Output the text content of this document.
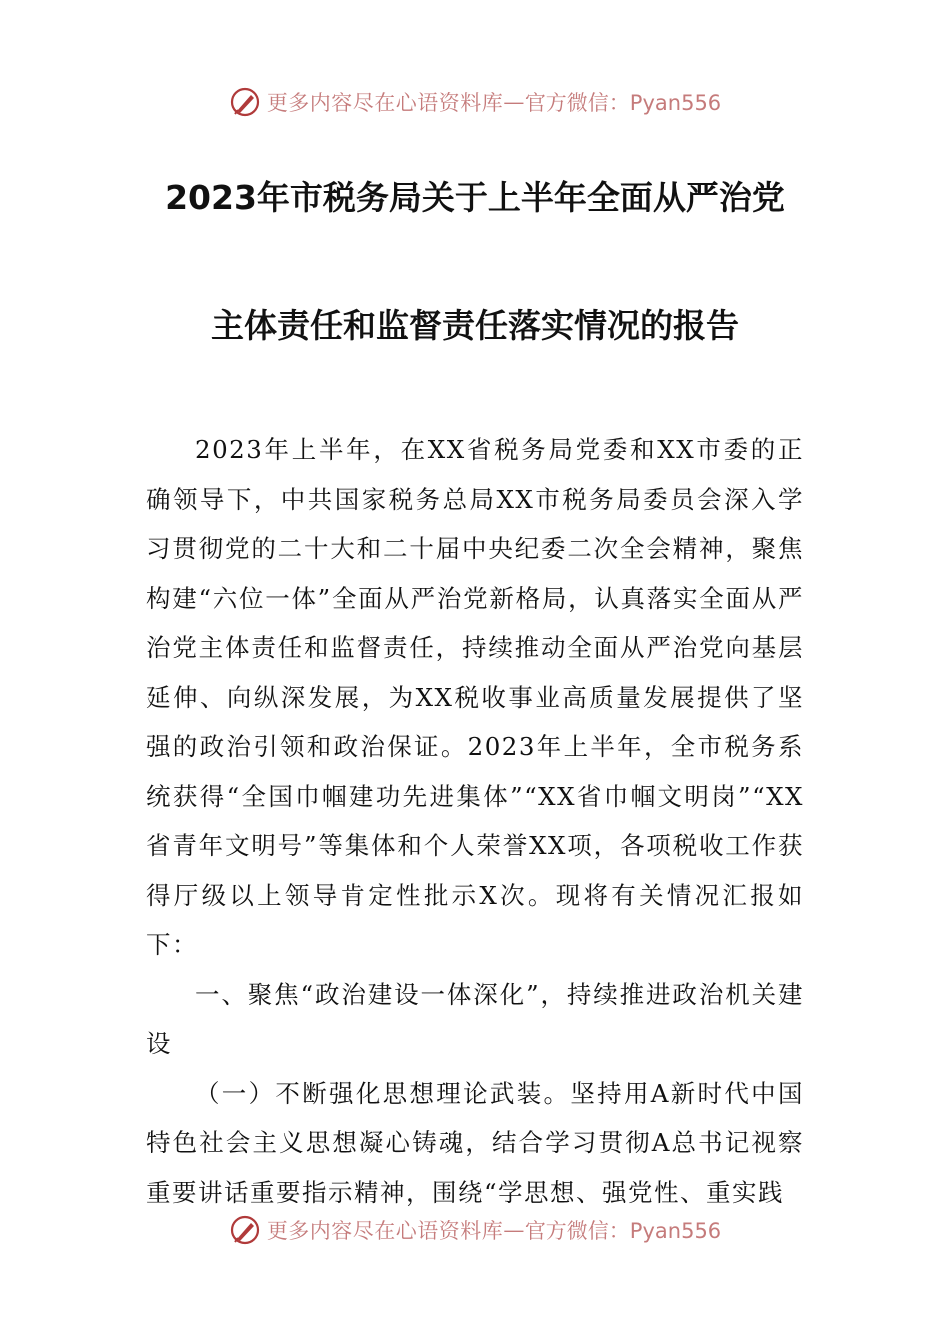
更多内容尽在心语资料库 — 官方微信：Pyan556
2023年市税务局关于上半年全面从严治党
主体责任和监督责任落实情况的报告

2023年上半年，在XX省税务局党委和XX市委的正确领导下，中共国家税务总局XX市税务局委员会深入学习贯彻党的二十大和二十届中央纪委二次全会精神，聚焦构建“六位一体”全面从严治党新格局，认真落实全面从严治党主体责任和监督责任，持续推动全面从严治党向基层延伸、向纵深发展，为XX税收事业高质量发展提供了坚强的政治引领和政治保证。2023年上半年，全市税务系统获得“全国巾帼建功先进集体”“XX省巾帼文明岗”“XX省青年文明号”等集体和个人荣誉XX项，各项税收工作获得厅级以上领导肯定性批示X次。现将有关情况汇报如下：

一、聚焦“政治建设一体深化”，持续推进政治机关建设

（一）不断强化思想理论武装。坚持用A新时代中国特色社会主义思想凝心铸魂，结合学习贯彻A总书记视察重要讲话重要指示精神，围绕“学思想、强党性、重实践

更多内容尽在心语资料库 — 官方微信：Pyan556
